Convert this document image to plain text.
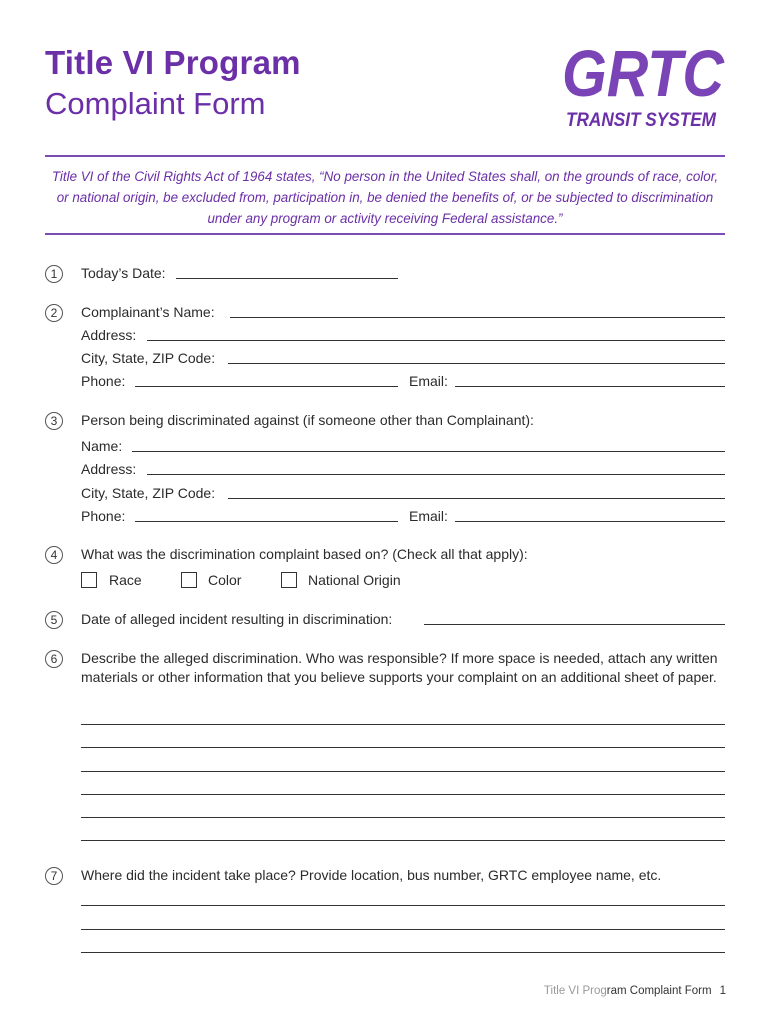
Title VI Program
Complaint Form	GRTC
TRANSIT SYSTEM
Title VI of the Civil Rights Act of 1964 states, “No person in the United States shall, on the grounds of race, color, or national origin, be excluded from, participation in, be denied the benefits of, or be subjected to discrimination under any program or activity receiving Federal assistance.”
1	Today’s Date:
2	Complainant’s Name:
Address:
City, State, ZIP Code:
Phone:	Email:
3	Person being discriminated against (if someone other than Complainant):
Name:
Address:
City, State, ZIP Code:
Phone:	Email:
4	What was the discrimination complaint based on? (Check all that apply):
Race	Color	National Origin
5	Date of alleged incident resulting in discrimination:
6	Describe the alleged discrimination. Who was responsible? If more space is needed, attach any written materials or other information that you believe supports your complaint on an additional sheet of paper.
7	Where did the incident take place? Provide location, bus number, GRTC employee name, etc.
Title VI Program Complaint Form 1
